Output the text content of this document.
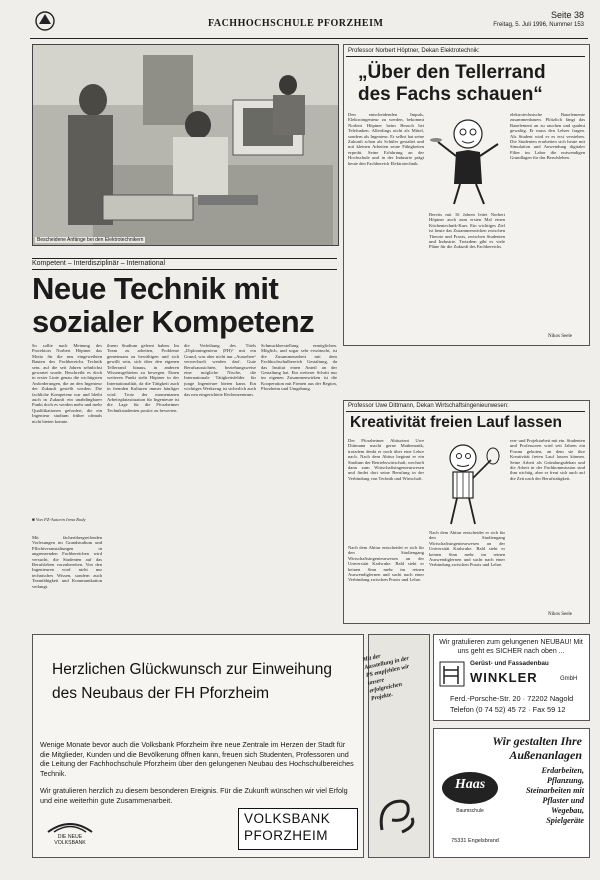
FACHHOCHSCHULE PFORZHEIM
Seite 38
Freitag, 5. Juli 1996, Nummer 153
Bescheidene Anfänge bei den Elektrotechnikern
Kompetent – Interdisziplinär – International
Neue Technik mit sozialer Kompetenz
So sollte nach Meinung des Prorektors Norbert Höptner das Motto für die neu eingeweihten Bauten des Fachbereichs Technik sein, auf die seit Jahren sehnlichst gewartet wurde. Beschreibt es doch in erster Linie genau die wichtigsten Anforderungen, die an den Ingenieur der Zukunft gestellt werden. Die fachliche Kompetenz war und bleibt auch in Zukunft ein unabdingbarer Punkt doch es werden mehr und mehr Qualifikationen gefordert, die ein Ingenieur studium früher oftmals nicht bieten konnte.
■ Von FZ-Autorin Irma Rody
Mit fächerübergreifenden Vorlesungen im Grundstudium und Pflichtveranstaltungen in angrenzenden Fachbereichen wird versucht, die Studenten auf das Berufsleben vorzubereiten. Von den Ingenieuren wird nicht nur technisches Wissen, sondern auch Teamfähigkeit und Kommunikation verlangt.
ihrem Studium gelernt haben. Im Team zu arbeiten, Probleme gemeinsam zu bewältigen und sich gewillt sein, sich über den eigenen Tellerrand hinaus, in anderen Wissensgebieten zu bewegen. Einen weiteren Punkt sieht Höptner in der Internationalität, da die Tätigkeit auch in fremden Kulturen immer häufiger wird. Trotz der momentanen Arbeitsplatzsituation für Ingenieure ist die Lage für die Pforzheimer Technikstudenten positiv zu bewerten.
die Verleihung des Titels „Diplomingenieur (FH)“ mit ein Grund, was aber nicht nur „Aussehen“ verwechselt werden darf. Gute Berufsaussichten, beziehungsweise eine mögliche Nische, die Internationale Tätigkeitsfelder für junge Ingenieure bieten kann. Ein wichtiges Werkzeug ist sicherlich auch das neu eingerichtete Rechenzentrum.
Schmuckherstellung ermöglichen. Möglich, und sogar sehr erwünscht, ist die Zusammenarbeit mit dem Fachhochschulbereich Gestaltung, da das Institut einen Anteil an der Gestaltung hat. Ein weiterer Schritt nur im eigenen Zusammenwirken ist die Kooperation mit Firmen aus der Region, Pforzheim und Umgebung.
Professor Norbert Höptner, Dekan Elektrotechnik:
„Über den Tellerrand des Fachs schauen“
Den entscheidenden Impuls, Elektroingenieur zu werden, bekommt Norbert Höptner beim Besuch bei Telefunken. Allerdings nicht als Mittel, sondern als Ingenieur. Er selbst hat seine Zukunft schon als Schüler gestaltet und mit kleinen Arbeiten seine Fähigkeiten erprobt. Seine Erfahrung an der Hochschule und in der Industrie prägt heute den Fachbereich Elektrotechnik.
Bereits mit 16 Jahren leitet Norbert Höptner auch zum ersten Mal einen Küchentechnik-Kurs. Ein wichtiges Ziel ist heute das Zusammenwirken zwischen Theorie und Praxis, zwischen Studenten und Industrie. Trotzdem gibt es viele Pläne für die Zukunft des Fachbereichs.
elektrotechnische Bauelemente zusammenbauen. Plötzlich fängt das Bauelement an zu rauchen und qualmt gewaltig. Er muss den Lehrer fragen. Als Student wird er es erst verstehen. Die Studenten erarbeiten sich heute mit Simulation und Anwendung digitaler Filter im Labor die notwendigen Grundlagen für das Berufsleben.
Nikos Seele
Professor Uwe Dittmann, Dekan Wirtschaftsingenieurwesen:
Kreativität freien Lauf lassen
Der Pforzheimer Abiturient Uwe Dittmann macht gerne Mathematik, trotzdem denkt er noch über eine Lehre nach. Nach dem Abitur beginnt er ein Studium der Betriebswirtschaft, wechselt dann zum Wirtschaftsingenieurwesen und findet dort seine Berufung in der Verbindung von Technik und Wirtschaft.
Nach dem Abitur entscheidet er sich für den Studiengang Wirtschaftsingenieurwesen an der Universität Karlsruhe. Bald sieht er keinen Sinn mehr im reinen Auswendiglernen und sucht nach einer Verbindung zwischen Praxis und Lehre.
Nach dem Abitur entscheidet er sich für den Studiengang Wirtschaftsingenieurwesen an der Universität Karlsruhe. Bald sieht er keinen Sinn mehr im reinen Auswendiglernen und sucht nach einer Verbindung zwischen Praxis und Lehre.
ren- und Projektarbeit mit ein. Studenten und Professoren wird seit Jahren ein Forum geboten, an dem sie ihre Kreativität freien Lauf lassen können. Seine Arbeit als Gründungsdekan und die Arbeit in der Fachkommission sind ihm wichtig, aber er freut sich auch auf die Zeit nach der Berufstätigkeit.
Nikos Seele
Herzlichen Glückwunsch zur Einweihung des Neubaus der FH Pforzheim
Wenige Monate bevor auch die Volksbank Pforzheim ihre neue Zentrale im Herzen der Stadt für die Mitglieder, Kunden und die Bevölkerung öffnen kann, freuen sich Studenten, Professoren und die Leitung der Fachhochschule Pforzheim über den gelungenen Neubau des Hochschulbereiches Technik.
Wir gratulieren herzlich zu diesem besonderen Ereignis. Für die Zukunft wünschen wir viel Erfolg und eine weiterhin gute Zusammenarbeit.
DIE NEUE VOLKSBANK
VOLKSBANK PFORZHEIM
Mit der Ausstellung in der PS empfehlen wir unsere erfolgreichen Projekte.
Wir gratulieren zum gelungenen NEUBAU! Mit uns geht es SICHER nach oben ...
Gerüst- und Fassadenbau
WINKLER	GmbH
Ferd.-Porsche-Str. 20 · 72202 Nagold
Telefon (0 74 52) 45 72 · Fax 59 12
Wir gestalten Ihre Außenanlagen
Haas
Baumschule
75331 Engelsbrand
Erdarbeiten, Pflanzung, Steinarbeiten mit Pflaster und Wegebau, Spielgeräte
